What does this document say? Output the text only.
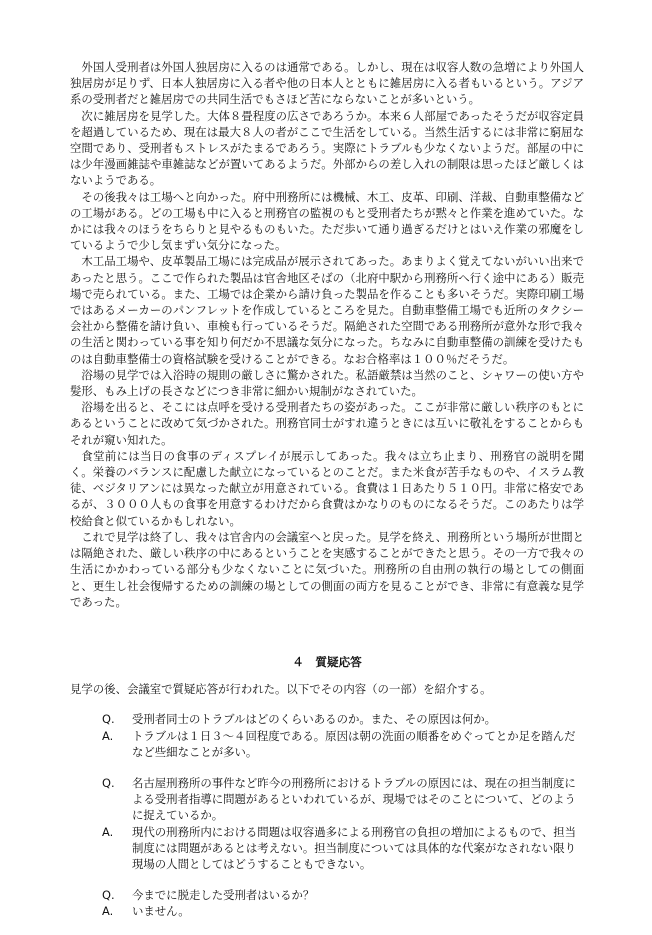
外国人受刑者は外国人独居房に入るのは通常である。しかし、現在は収容人数の急増により外国人独居房が足りず、日本人独居房に入る者や他の日本人とともに雑居房に入る者もいるという。アジア系の受刑者だと雑居房での共同生活でもさほど苦にならないことが多いという。

次に雑居房を見学した。大体８畳程度の広さであろうか。本来６人部屋であったそうだが収容定員を超過しているため、現在は最大８人の者がここで生活をしている。当然生活するには非常に窮屈な空間であり、受刑者もストレスがたまるであろう。実際にトラブルも少なくないようだ。部屋の中には少年漫画雑誌や車雑誌などが置いてあるようだ。外部からの差し入れの制限は思ったほど厳しくはないようである。

その後我々は工場へと向かった。府中刑務所には機械、木工、皮革、印刷、洋裁、自動車整備などの工場がある。どの工場も中に入ると刑務官の監視のもと受刑者たちが黙々と作業を進めていた。なかには我々のほうをちらりと見やるものもいた。ただ歩いて通り過ぎるだけとはいえ作業の邪魔をしているようで少し気まずい気分になった。

木工品工場や、皮革製品工場には完成品が展示されてあった。あまりよく覚えてないがいい出来であったと思う。ここで作られた製品は官舎地区そばの（北府中駅から刑務所へ行く途中にある）販売場で売られている。また、工場では企業から請け負った製品を作ることも多いそうだ。実際印刷工場ではあるメーカーのパンフレットを作成しているところを見た。自動車整備工場でも近所のタクシー会社から整備を請け負い、車検も行っているそうだ。隔絶された空間である刑務所が意外な形で我々の生活と関わっている事を知り何だか不思議な気分になった。ちなみに自動車整備の訓練を受けたものは自動車整備士の資格試験を受けることができる。なお合格率は１００％だそうだ。

浴場の見学では入浴時の規則の厳しさに驚かされた。私語厳禁は当然のこと、シャワーの使い方や髪形、もみ上げの長さなどにつき非常に細かい規制がなされていた。

浴場を出ると、そこには点呼を受ける受刑者たちの姿があった。ここが非常に厳しい秩序のもとにあるということに改めて気づかされた。刑務官同士がすれ違うときには互いに敬礼をすることからもそれが窺い知れた。

食堂前には当日の食事のディスプレイが展示してあった。我々は立ち止まり、刑務官の説明を聞く。栄養のバランスに配慮した献立になっているとのことだ。また米食が苦手なものや、イスラム教徒、ベジタリアンには異なった献立が用意されている。食費は１日あたり５１０円。非常に格安であるが、３０００人もの食事を用意するわけだから食費はかなりのものになるそうだ。このあたりは学校給食と似ているかもしれない。

これで見学は終了し、我々は官舎内の会議室へと戻った。見学を終え、刑務所という場所が世間とは隔絶された、厳しい秩序の中にあるということを実感することができたと思う。その一方で我々の生活にかかわっている部分も少なくないことに気づいた。刑務所の自由刑の執行の場としての側面と、更生し社会復帰するための訓練の場としての側面の両方を見ることができ、非常に有意義な見学であった。

４　質疑応答

見学の後、会議室で質疑応答が行われた。以下でその内容（の一部）を紹介する。

Q.	受刑者同士のトラブルはどのくらいあるのか。また、その原因は何か。
A.	トラブルは１日３～４回程度である。原因は朝の洗面の順番をめぐってとか足を踏んだなど些細なことが多い。
Q.	名古屋刑務所の事件など昨今の刑務所におけるトラブルの原因には、現在の担当制度による受刑者指導に問題があるといわれているが、現場ではそのことについて、どのように捉えているか。
A.	現代の刑務所内における問題は収容過多による刑務官の負担の増加によるもので、担当制度には問題があるとは考えない。担当制度については具体的な代案がなされない限り現場の人間としてはどうすることもできない。
Q.	今までに脱走した受刑者はいるか？
A.	いません。
